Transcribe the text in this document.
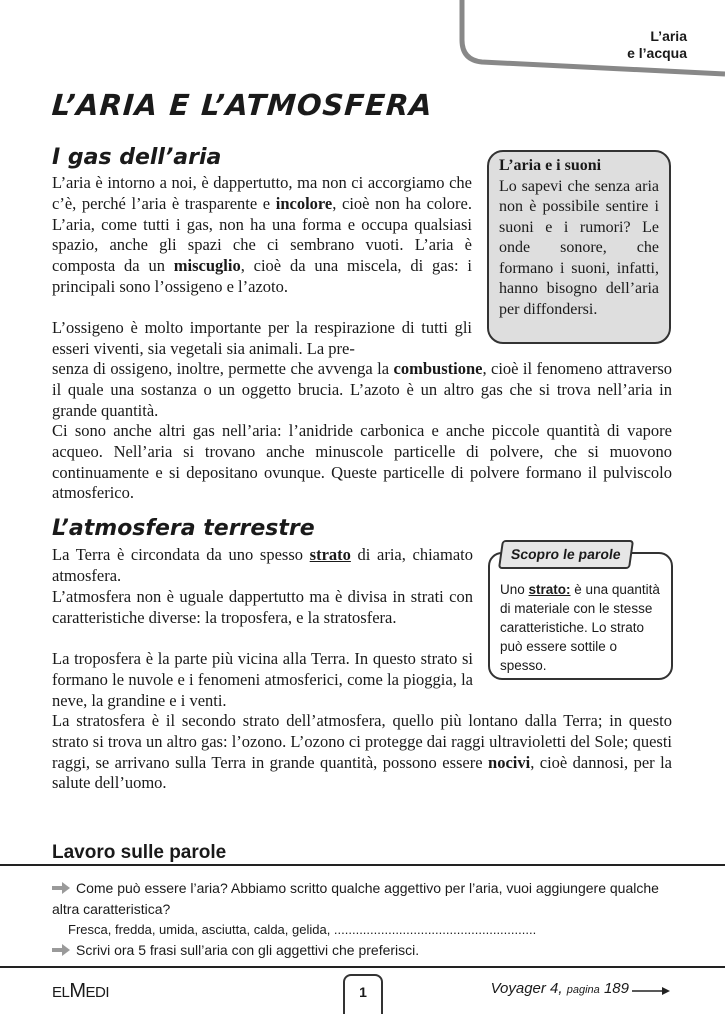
L’aria
e l’acqua
L’ARIA E L’ATMOSFERA
I gas dell’aria

L’aria è intorno a noi, è dappertutto, ma non ci accorgiamo che c’è, perché l’aria è trasparente e incolore, cioè non ha colore. L’aria, come tutti i gas, non ha una forma e occupa qualsiasi spazio, anche gli spazi che ci sembrano vuoti. L’aria è composta da un miscuglio, cioè da una miscela, di gas: i principali sono l’ossigeno e l’azoto.

L’ossigeno è molto importante per la respirazione di tutti gli esseri viventi, sia vegetali sia animali. La pre-

senza di ossigeno, inoltre, permette che avvenga la combustione, cioè il fenomeno attraverso il quale una sostanza o un oggetto brucia. L’azoto è un altro gas che si trova nell’aria in grande quantità.

Ci sono anche altri gas nell’aria: l’anidride carbonica e anche piccole quantità di vapore acqueo. Nell’aria si trovano anche minuscole particelle di polvere, che si muovono continuamente e si depositano ovunque. Queste particelle di polvere formano il pulviscolo atmosferico.

L’aria e i suoni
Lo sapevi che senza aria non è possibile sentire i suoni e i rumori? Le onde sonore, che formano i suoni, infatti, hanno bisogno dell’aria per diffondersi.
L’atmosfera terrestre

La Terra è circondata da uno spesso strato di aria, chiamato atmosfera.

L’atmosfera non è uguale dappertutto ma è divisa in strati con caratteristiche diverse: la troposfera, e la stratosfera.

La troposfera è la parte più vicina alla Terra. In questo strato si formano le nuvole e i fenomeni atmosferici, come la pioggia, la neve, la grandine e i venti.

La stratosfera è il secondo strato dell’atmosfera, quello più lontano dalla Terra; in questo strato si trova un altro gas: l’ozono. L’ozono ci protegge dai raggi ultravioletti del Sole; questi raggi, se arrivano sulla Terra in grande quantità, possono essere nocivi, cioè dannosi, per la salute dell’uomo.

Scopro le parole
Uno strato: è una quantità di materiale con le stesse caratteristiche. Lo strato può essere sottile o spesso.
Lavoro sulle parole
Come può essere l’aria? Abbiamo scritto qualche aggettivo per l’aria, vuoi aggiungere qualche altra caratteristica?
Fresca, fredda, umida, asciutta, calda, gelida, ........................................................
Scrivi ora 5 frasi sull’aria con gli aggettivi che preferisci.
ELMEDI	1	Voyager 4, pagina 189
